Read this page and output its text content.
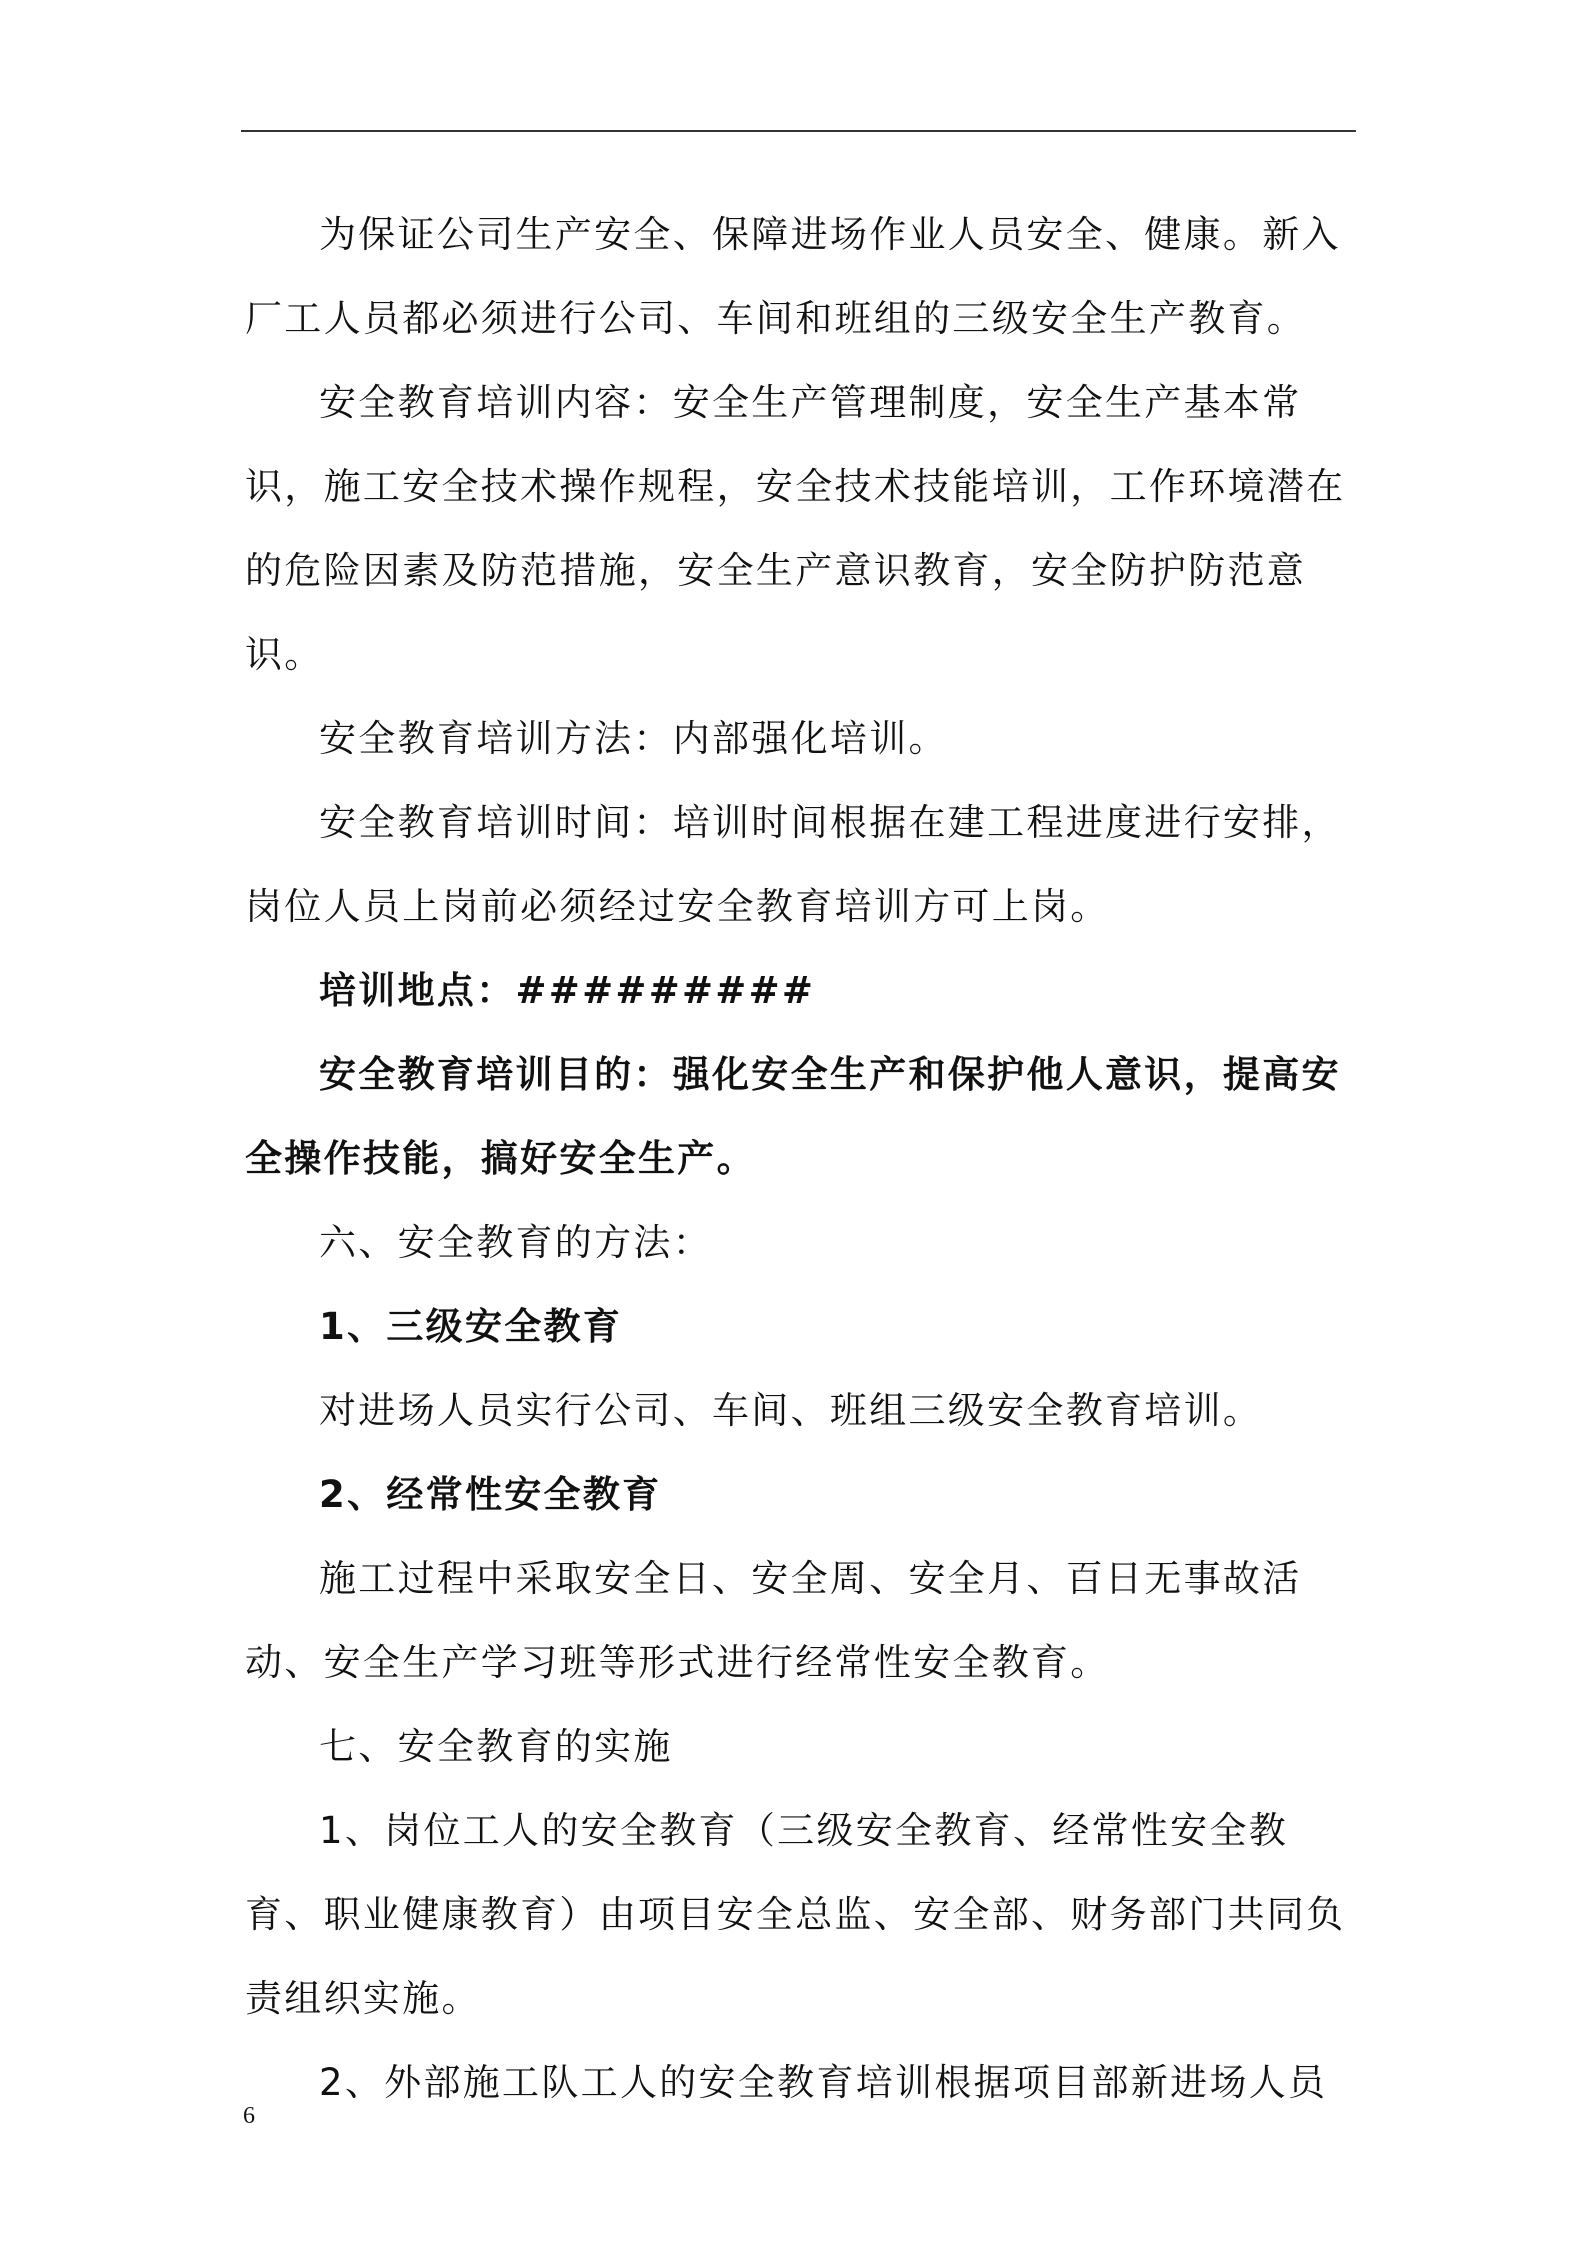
为保证公司生产安全、保障进场作业人员安全、健康。新入厂工人员都必须进行公司、车间和班组的三级安全生产教育。

安全教育培训内容：安全生产管理制度，安全生产基本常识，施工安全技术操作规程，安全技术技能培训，工作环境潜在的危险因素及防范措施，安全生产意识教育，安全防护防范意识。

安全教育培训方法：内部强化培训。

安全教育培训时间：培训时间根据在建工程进度进行安排，岗位人员上岗前必须经过安全教育培训方可上岗。

培训地点：#########

安全教育培训目的：强化安全生产和保护他人意识，提高安全操作技能，搞好安全生产。

六、安全教育的方法：

1、三级安全教育

对进场人员实行公司、车间、班组三级安全教育培训。

2、经常性安全教育

施工过程中采取安全日、安全周、安全月、百日无事故活动、安全生产学习班等形式进行经常性安全教育。

七、安全教育的实施

1、岗位工人的安全教育（三级安全教育、经常性安全教育、职业健康教育）由项目安全总监、安全部、财务部门共同负责组织实施。

2、外部施工队工人的安全教育培训根据项目部新进场人员

6
